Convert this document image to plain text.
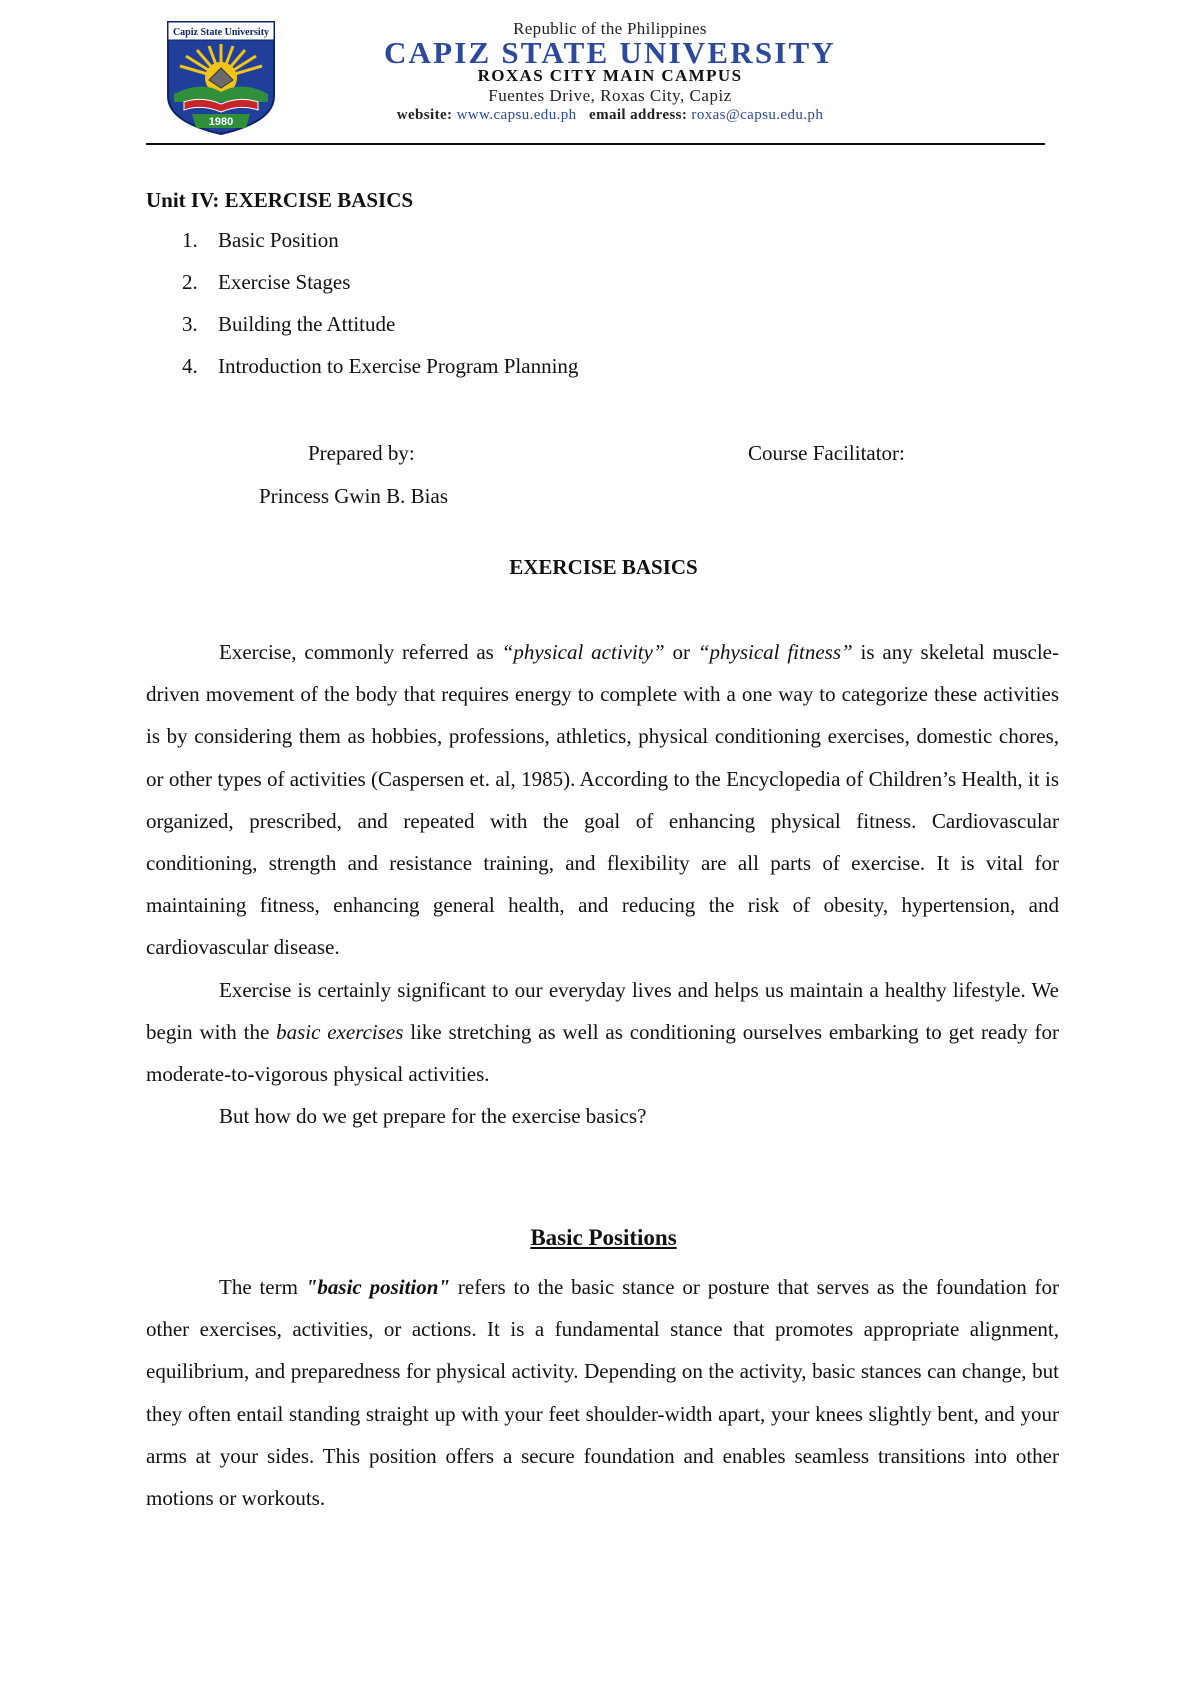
Capiz State University
1980
Republic of the Philippines
CAPIZ STATE UNIVERSITY
ROXAS CITY MAIN CAMPUS
Fuentes Drive, Roxas City, Capiz
website: www.capsu.edu.ph email address: roxas@capsu.edu.ph
Unit IV: EXERCISE BASICS
1. Basic Position
2. Exercise Stages
3. Building the Attitude
4. Introduction to Exercise Program Planning
Prepared by:	Course Facilitator:
Princess Gwin B. Bias
EXERCISE BASICS

Exercise, commonly referred as “physical activity” or “physical fitness” is any skeletal muscle-driven movement of the body that requires energy to complete with a one way to categorize these activities is by considering them as hobbies, professions, athletics, physical conditioning exercises, domestic chores, or other types of activities (Caspersen et. al, 1985). According to the Encyclopedia of Children’s Health, it is organized, prescribed, and repeated with the goal of enhancing physical fitness. Cardiovascular conditioning, strength and resistance training, and flexibility are all parts of exercise. It is vital for maintaining fitness, enhancing general health, and reducing the risk of obesity, hypertension, and cardiovascular disease.

Exercise is certainly significant to our everyday lives and helps us maintain a healthy lifestyle. We begin with the basic exercises like stretching as well as conditioning ourselves embarking to get ready for moderate-to-vigorous physical activities.

But how do we get prepare for the exercise basics?

Basic Positions

The term "basic position" refers to the basic stance or posture that serves as the foundation for other exercises, activities, or actions. It is a fundamental stance that promotes appropriate alignment, equilibrium, and preparedness for physical activity. Depending on the activity, basic stances can change, but they often entail standing straight up with your feet shoulder-width apart, your knees slightly bent, and your arms at your sides. This position offers a secure foundation and enables seamless transitions into other motions or workouts.
